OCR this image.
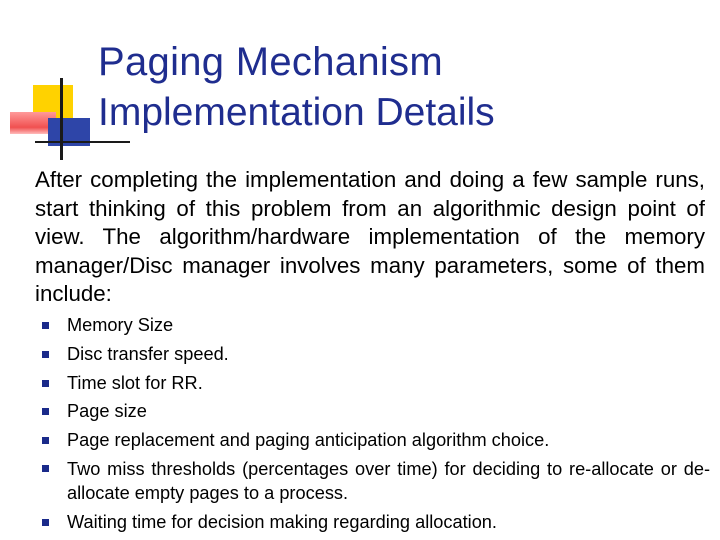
Paging Mechanism
Implementation Details

After completing the implementation and doing a few sample runs, start thinking of this problem from an algorithmic design point of view. The algorithm/hardware implementation of the memory manager/Disc manager involves many parameters, some of them include:

Memory Size
Disc transfer speed.
Time slot for RR.
Page size
Page replacement and paging anticipation algorithm choice.
Two miss thresholds (percentages over time) for deciding to re-allocate or de-allocate empty pages to a process.
Waiting time for decision making regarding allocation.
